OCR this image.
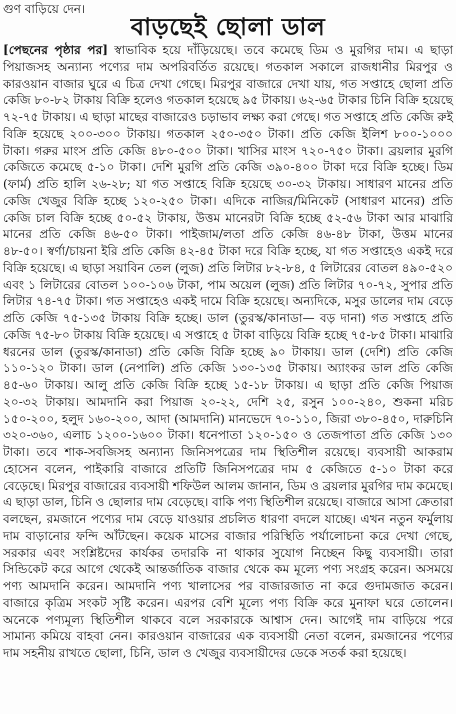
গুণ বাড়িয়ে দেন।
বাড়ছেই ছোলা ডাল

[পেছনের পৃষ্ঠার পর] স্বাভাবিক হয়ে দাঁড়িয়েছে। তবে কমেছে ডিম ও মুরগির দাম। এ ছাড়া পিয়াজসহ অন্যান্য পণ্যের দাম অপরিবর্তিত রয়েছে। গতকাল সকালে রাজধানীর মিরপুর ও কারওয়ান বাজার ঘুরে এ চিত্র দেখা গেছে। মিরপুর বাজারে দেখা যায়, গত সপ্তাহে ছোলা প্রতি কেজি ৮০-৮২ টাকায় বিক্রি হলেও গতকাল হয়েছে ৯৫ টাকায়। ৬২-৬৫ টাকার চিনি বিক্রি হয়েছে ৭২-৭৫ টাকায়। এ ছাড়া মাছের বাজারেও চড়াভাব লক্ষ্য করা গেছে। গত সপ্তাহে প্রতি কেজি রুই বিক্রি হয়েছে ২০০-৩০০ টাকায়। গতকাল ২৫০-৩৫০ টাকা। প্রতি কেজি ইলিশ ৮০০-১০০০ টাকা। গরুর মাংস প্রতি কেজি ৪৮০-৫০০ টাকা। খাসির মাংস ৭২০-৭৫০ টাকা। ব্রয়লার মুরগি কেজিতে কমেছে ৫-১০ টাকা। দেশি মুরগি প্রতি কেজি ৩৯০-৪০০ টাকা দরে বিক্রি হচ্ছে। ডিম (ফার্ম) প্রতি হালি ২৬-২৮; যা গত সপ্তাহে বিক্রি হয়েছে ৩০-৩২ টাকায়। সাধারণ মানের প্রতি কেজি খেজুর বিক্রি হচ্ছে ১২০-২৫০ টাকা। এদিকে নাজির/মিনিকেট (সাধারণ মানের) প্রতি কেজি চাল বিক্রি হচ্ছে ৫০-৫২ টাকায়, উত্তম মানেরটা বিক্রি হচ্ছে ৫২-৫৬ টাকা আর মাঝারি মানের প্রতি কেজি ৪৬-৫০ টাকা। পাইজাম/লতা প্রতি কেজি ৪৬-৪৮ টাকা, উত্তম মানের ৪৮-৫০। স্বর্ণা/চায়না ইরি প্রতি কেজি ৪২-৪৫ টাকা দরে বিক্রি হচ্ছে, যা গত সপ্তাহেও একই দরে বিক্রি হয়েছে। এ ছাড়া সয়াবিন তেল (লুজ) প্রতি লিটার ৮২-৮৪, ৫ লিটারের বোতল ৪৯০-৫২০ এবং ১ লিটারের বোতল ১০০-১০৬ টাকা, পাম অয়েল (লুজ) প্রতি লিটার ৭০-৭২, সুপার প্রতি লিটার ৭৪-৭৫ টাকা। গত সপ্তাহেও একই দামে বিক্রি হয়েছে। অন্যদিকে, মসুর ডালের দাম বেড়ে প্রতি কেজি ৭৫-১৩৫ টাকায় বিক্রি হচ্ছে। ডাল (তুরস্ক/কানাডা— বড় দানা) গত সপ্তাহে প্রতি কেজি ৭৫-৮০ টাকায় বিক্রি হয়েছে। এ সপ্তাহে ৫ টাকা বাড়িয়ে বিক্রি হচ্ছে ৭৫-৮৫ টাকা। মাঝারি ধরনের ডাল (তুরস্ক/কানাডা) প্রতি কেজি বিক্রি হচ্ছে ৯০ টাকায়। ডাল (দেশি) প্রতি কেজি ১১০-১২০ টাকা। ডাল (নেপালি) প্রতি কেজি ১৩০-১৩৫ টাকায়। অ্যাংকর ডাল প্রতি কেজি ৪৫-৬০ টাকায়। আলু প্রতি কেজি বিক্রি হচ্ছে ১৫-১৮ টাকায়। এ ছাড়া প্রতি কেজি পিয়াজ ২০-৩২ টাকায়। আমদানি করা পিয়াজ ২০-২২, দেশি ২৫, রসুন ১০০-২৪০, শুকনা মরিচ ১৫০-২০০, হলুদ ১৬০-২০০, আদা (আমদানি) মানভেদে ৭০-১১০, জিরা ৩৮০-৪৫০, দারুচিনি ৩২০-৩৬০, এলাচ ১২০০-১৬০০ টাকা। ধনেপাতা ১২০-১৫০ ও তেজপাতা প্রতি কেজি ১৩০ টাকা। তবে শাক-সবজিসহ অন্যান্য জিনিসপত্রের দাম স্থিতিশীল রয়েছে। ব্যবসায়ী আকরাম হোসেন বলেন, পাইকারি বাজারে প্রতিটি জিনিসপত্রের দাম ৫ কেজিতে ৫-১০ টাকা করে বেড়েছে। মিরপুর বাজারের ব্যবসায়ী শফিউল আলম জানান, ডিম ও ব্রয়লার মুরগির দাম কমেছে। এ ছাড়া ডাল, চিনি ও ছোলার দাম বেড়েছে। বাকি পণ্য স্থিতিশীল রয়েছে। বাজারে আসা ক্রেতারা বলছেন, রমজানে পণ্যের দাম বেড়ে যাওয়ার প্রচলিত ধারণা বদলে যাচ্ছে। এখন নতুন ফর্মুলায় দাম বাড়ানোর ফন্দি আঁটছেন। কয়েক মাসের বাজার পরিস্থিতি পর্যালোচনা করে দেখা গেছে, সরকার এবং সংশ্লিষ্টদের কার্যকর তদারকি না থাকার সুযোগ নিচ্ছেন কিছু ব্যবসায়ী। তারা সিন্ডিকেট করে আগে থেকেই আন্তর্জাতিক বাজার থেকে কম মূল্যে পণ্য সংগ্রহ করেন। অসময়ে পণ্য আমদানি করেন। আমদানি পণ্য খালাসের পর বাজারজাত না করে গুদামজাত করেন। বাজারে কৃত্রিম সংকট সৃষ্টি করেন। এরপর বেশি মূল্যে পণ্য বিক্রি করে মুনাফা ঘরে তোলেন। অনেকে পণ্যমূল্য স্থিতিশীল থাকবে বলে সরকারকে আশ্বাস দেন। আগেই দাম বাড়িয়ে পরে সামান্য কমিয়ে বাহবা নেন। কারওয়ান বাজারের এক ব্যবসায়ী নেতা বলেন, রমজানের পণ্যের দাম সহনীয় রাখতে ছোলা, চিনি, ডাল ও খেজুর ব্যবসায়ীদের ডেকে সতর্ক করা হয়েছে।
